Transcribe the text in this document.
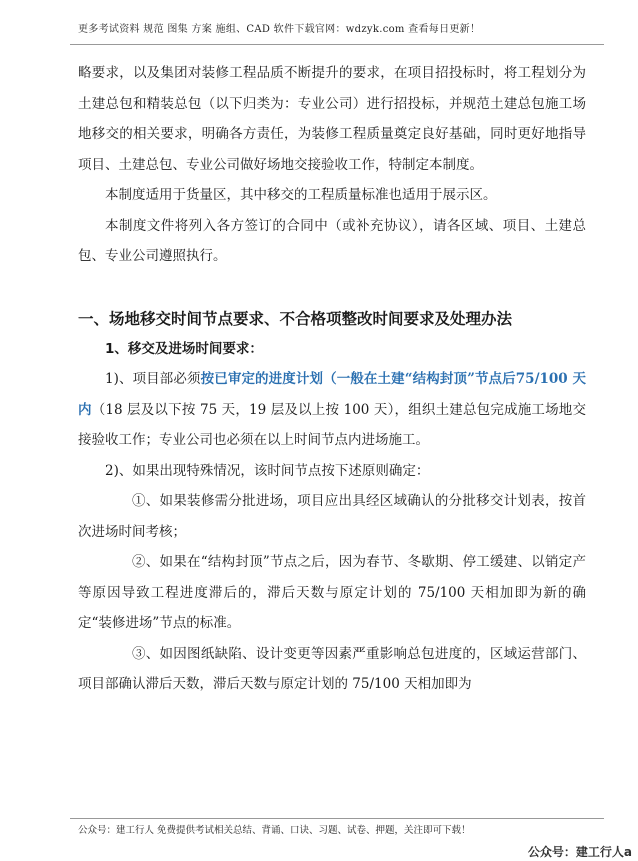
更多考试资料 规范 图集 方案 施组、CAD 软件下载官网：wdzyk.com 查看每日更新！

略要求，以及集团对装修工程品质不断提升的要求，在项目招投标时，将工程划分为土建总包和精装总包（以下归类为：专业公司）进行招投标，并规范土建总包施工场地移交的相关要求，明确各方责任，为装修工程质量奠定良好基础，同时更好地指导项目、土建总包、专业公司做好场地交接验收工作，特制定本制度。

本制度适用于货量区，其中移交的工程质量标准也适用于展示区。

本制度文件将列入各方签订的合同中（或补充协议），请各区域、项目、土建总包、专业公司遵照执行。

一、场地移交时间节点要求、不合格项整改时间要求及处理办法

1、移交及进场时间要求：

1)、项目部必须按已审定的进度计划（一般在土建“结构封顶”节点后75/100 天内（18 层及以下按 75 天，19 层及以上按 100 天），组织土建总包完成施工场地交接验收工作；专业公司也必须在以上时间节点内进场施工。

2)、如果出现特殊情况，该时间节点按下述原则确定：

①、如果装修需分批进场，项目应出具经区域确认的分批移交计划表，按首次进场时间考核；

②、如果在“结构封顶”节点之后，因为春节、冬歇期、停工缓建、以销定产等原因导致工程进度滞后的，滞后天数与原定计划的 75/100 天相加即为新的确定“装修进场”节点的标准。

③、如因图纸缺陷、设计变更等因素严重影响总包进度的，区域运营部门、项目部确认滞后天数，滞后天数与原定计划的 75/100 天相加即为

公众号：建工行人 免费提供考试相关总结、背诵、口诀、习题、试卷、押题，关注即可下载！
公众号：建工行人a
